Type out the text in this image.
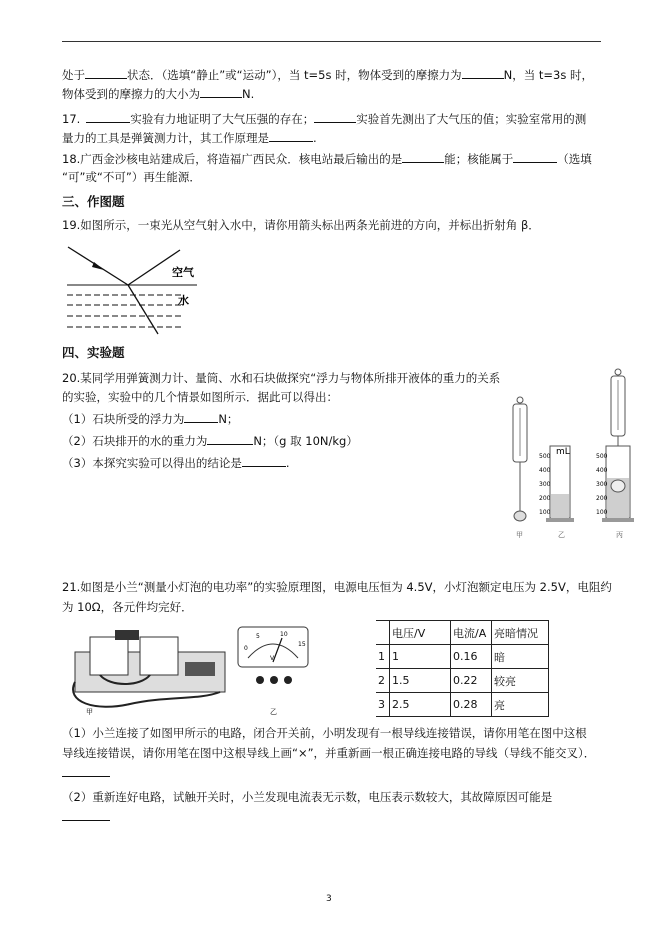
处于	状态．（选填“静止”或“运动”），当 t=5s 时，物体受到的摩擦力为	N，当 t=3s 时，
物体受到的摩擦力的大小为	N.
17.	实验有力地证明了大气压强的存在；	实验首先测出了大气压的值；实验室常用的测
量力的工具是弹簧测力计，其工作原理是	.
18.广西金沙核电站建成后，将造福广西民众．核电站最后输出的是	能；核能属于	（选填
“可”或“不可”）再生能源．
三、作图题
19.如图所示，一束光从空气射入水中，请你用箭头标出两条光前进的方向，并标出折射角 β．
空气
水
四、实验题
20.某同学用弹簧测力计、量筒、水和石块做探究“浮力与物体所排开液体的重力的关系
的实验，实验中的几个情景如图所示．据此可以得出：
（1）石块所受的浮力为	N；
（2）石块排开的水的重力为	N；（g 取 10N/kg）
（3）本探究实验可以得出的结论是	.
mL
500
400
300
200
100
500
400
300
200
100
甲	乙	丙
21.如图是小兰“测量小灯泡的电功率”的实验原理图，电源电压恒为 4.5V，小灯泡额定电压为 2.5V，电阻约
为 10Ω，各元件均完好．
0
5	10
15
V
甲	乙
	电压/V	电流/A	亮暗情况
1	1	0.16	暗
2	1.5	0.22	较亮
3	2.5	0.28	亮
（1）小兰连接了如图甲所示的电路，闭合开关前，小明发现有一根导线连接错误，请你用笔在图中这根
导线连接错误，请你用笔在图中这根导线上画“×”，并重新画一根正确连接电路的导线（导线不能交叉）．
（2）重新连好电路，试触开关时，小兰发现电流表无示数，电压表示数较大，其故障原因可能是
3
